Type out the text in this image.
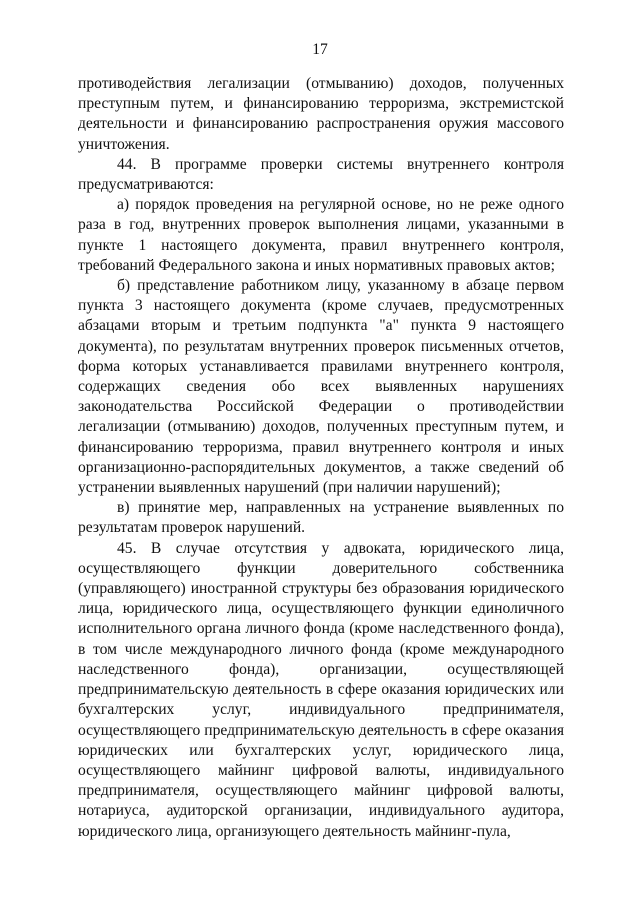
17

противодействия легализации (отмыванию) доходов, полученных преступным путем, и финансированию терроризма, экстремистской деятельности и финансированию распространения оружия массового уничтожения.

44. В программе проверки системы внутреннего контроля предусматриваются:

а) порядок проведения на регулярной основе, но не реже одного раза в год, внутренних проверок выполнения лицами, указанными в пункте 1 настоящего документа, правил внутреннего контроля, требований Федерального закона и иных нормативных правовых актов;

б) представление работником лицу, указанному в абзаце первом пункта 3 настоящего документа (кроме случаев, предусмотренных абзацами вторым и третьим подпункта "а" пункта 9 настоящего документа), по результатам внутренних проверок письменных отчетов, форма которых устанавливается правилами внутреннего контроля, содержащих сведения обо всех выявленных нарушениях законодательства Российской Федерации о противодействии легализации (отмыванию) доходов, полученных преступным путем, и финансированию терроризма, правил внутреннего контроля и иных организационно-распорядительных документов, а также сведений об устранении выявленных нарушений (при наличии нарушений);

в) принятие мер, направленных на устранение выявленных по результатам проверок нарушений.

45. В случае отсутствия у адвоката, юридического лица, осуществляющего функции доверительного собственника (управляющего) иностранной структуры без образования юридического лица, юридического лица, осуществляющего функции единоличного исполнительного органа личного фонда (кроме наследственного фонда), в том числе международного личного фонда (кроме международного наследственного фонда), организации, осуществляющей предпринимательскую деятельность в сфере оказания юридических или бухгалтерских услуг, индивидуального предпринимателя, осуществляющего предпринимательскую деятельность в сфере оказания юридических или бухгалтерских услуг, юридического лица, осуществляющего майнинг цифровой валюты, индивидуального предпринимателя, осуществляющего майнинг цифровой валюты, нотариуса, аудиторской организации, индивидуального аудитора, юридического лица, организующего деятельность майнинг-пула,
